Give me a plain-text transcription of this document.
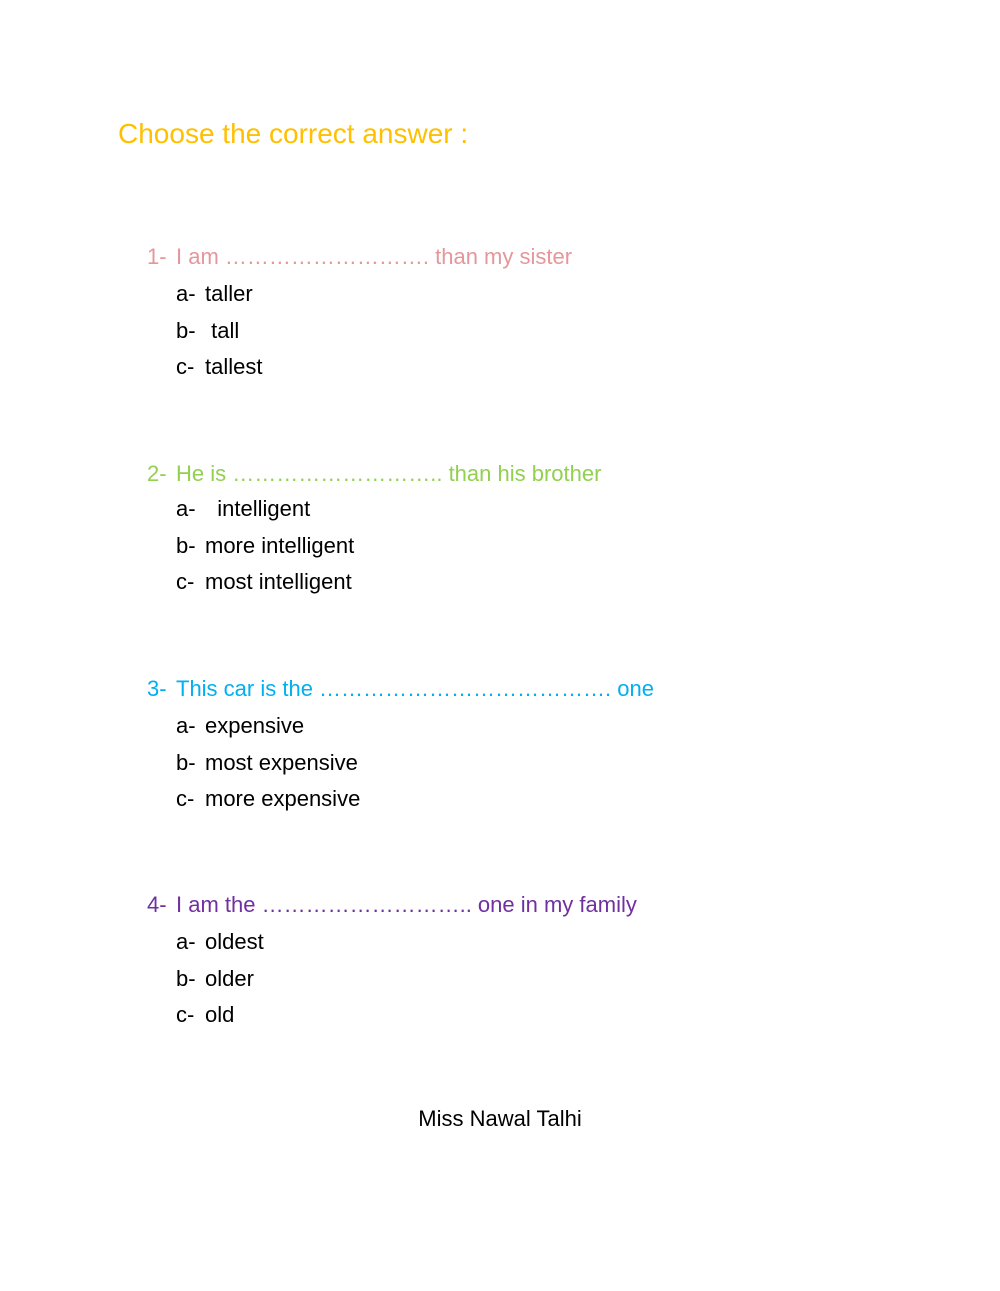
Choose the correct answer :
1- I am ………………………. than my sister
a- taller
b- tall
c- tallest
2- He is ……………………….. than his brother
a-  intelligent
b- more intelligent
c- most intelligent
3- This car is the …………………………………. one
a- expensive
b- most expensive
c- more expensive
4- I am the ……………………….. one in my family
a- oldest
b- older
c- old
Miss Nawal Talhi
